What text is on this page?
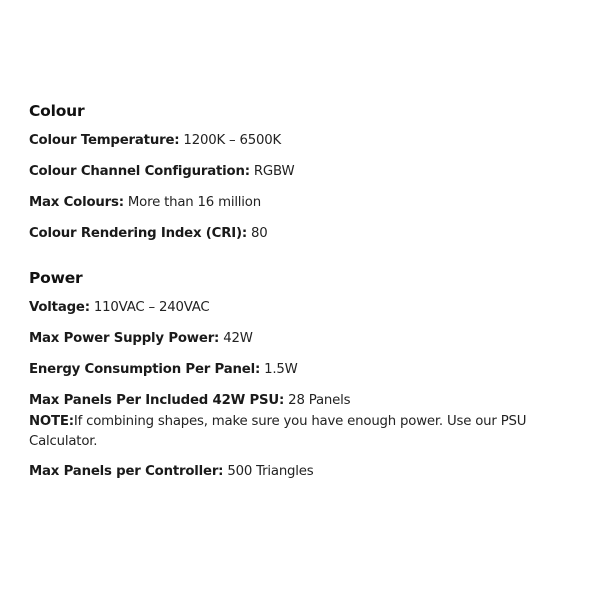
Colour
Colour Temperature: 1200K – 6500K
Colour Channel Configuration: RGBW
Max Colours: More than 16 million
Colour Rendering Index (CRI): 80
Power
Voltage: 110VAC – 240VAC
Max Power Supply Power: 42W
Energy Consumption Per Panel: 1.5W
Max Panels Per Included 42W PSU: 28 Panels
NOTE:If combining shapes, make sure you have enough power. Use our PSU Calculator.
Max Panels per Controller: 500 Triangles
